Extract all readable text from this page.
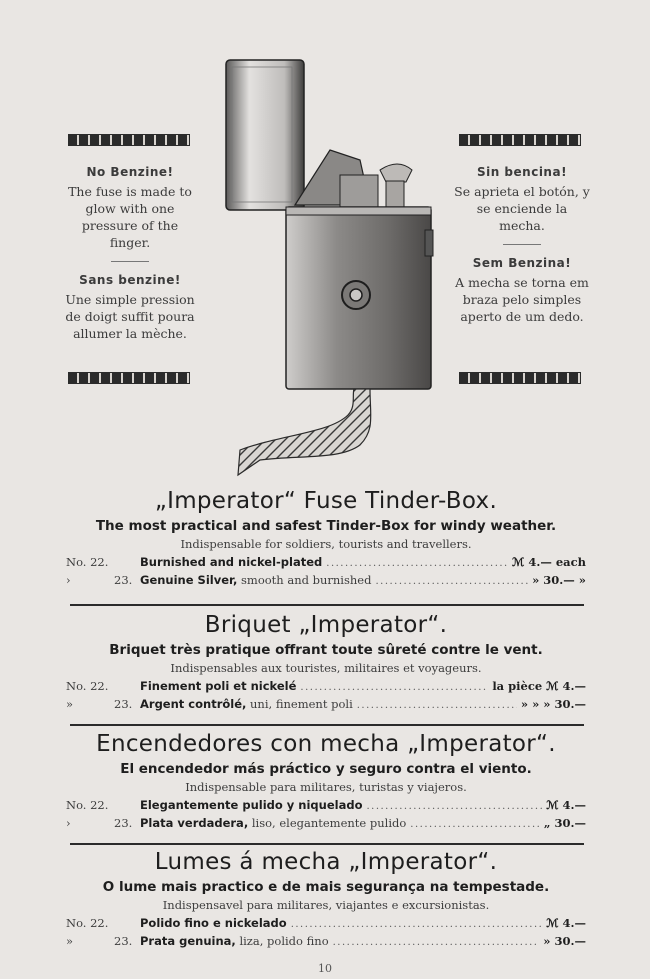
No Benzine!

The fuse is made to glow with one pressure of the finger.

Sans benzine!

Une simple pression de doigt suffit poura allumer la mèche.

Sin bencina!

Se aprieta el botón, y se enciende la mecha.

Sem Benzina!

A mecha se torna em braza pelo simples aperto de um dedo.

„Imperator“ Fuse Tinder-Box.

The most practical and safest Tinder-Box for windy weather.

Indispensable for soldiers, tourists and travellers.

No. 22.	Burnished and nickel-plated .....	ℳ 4.— each
›	23. Genuine Silver, smooth and burnished .....	» 30.— »

Briquet „Imperator“.

Briquet très pratique offrant toute sûreté contre le vent.

Indispensables aux touristes, militaires et voyageurs.

No. 22.	Finement poli et nickelé .....	la pièce ℳ 4.—
»	23. Argent contrôlé, uni, finement poli .....	» » » 30.—

Encendedores con mecha „Imperator“.

El encendedor más práctico y seguro contra el viento.

Indispensable para militares, turistas y viajeros.

No. 22.	Elegantemente pulido y niquelado .....	ℳ 4.—
›	23. Plata verdadera, liso, elegantemente pulido .....	„ 30.—

Lumes á mecha „Imperator“.

O lume mais practico e de mais segurança na tempestade.

Indispensavel para militares, viajantes e excursionistas.

No. 22.	Polido fino e nickelado .....	ℳ 4.—
»	23. Prata genuina, liza, polido fino .....	» 30.—
10
